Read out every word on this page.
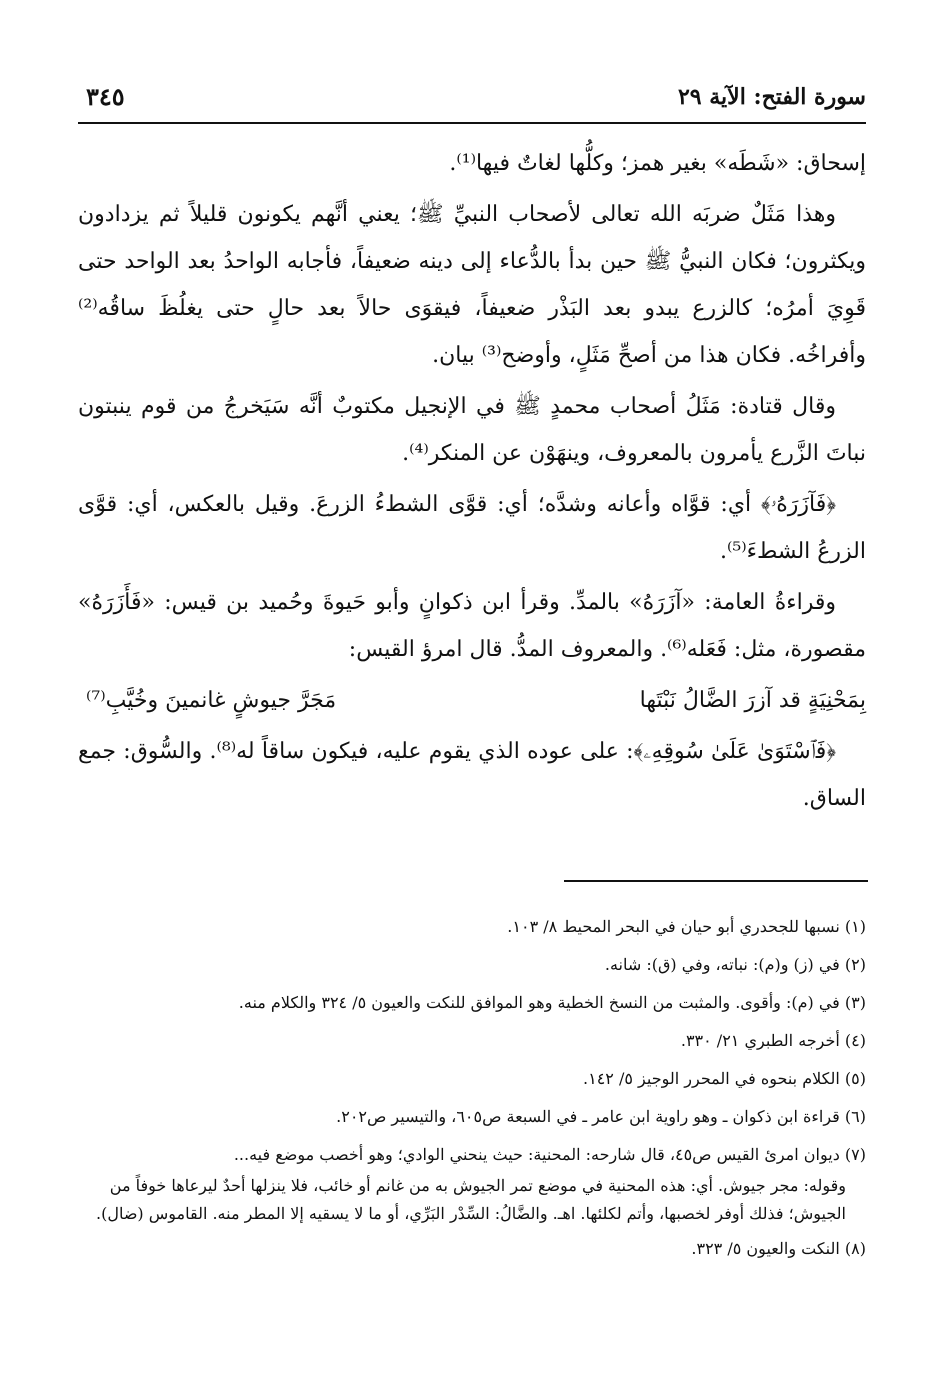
سورة الفتح: الآية ٢٩
٣٤٥

إسحاق: «شَطَه» بغير همز؛ وكلُّها لغاتٌ فيها⁽¹⁾.

وهذا مَثَلٌ ضربَه الله تعالى لأصحاب النبيِّ ﷺ؛ يعني أنَّهم يكونون قليلاً ثم يزدادون ويكثرون؛ فكان النبيُّ ﷺ حين بدأ بالدُّعاء إلى دينه ضعيفاً، فأجابه الواحدُ بعد الواحد حتى قَوِيَ أمرُه؛ كالزرع يبدو بعد البَذْر ضعيفاً، فيقوَى حالاً بعد حالٍ حتى يغلُظَ ساقُه⁽²⁾ وأفراخُه. فكان هذا من أصحِّ مَثَلٍ، وأوضح⁽³⁾ بيان.

وقال قتادة: مَثَلُ أصحاب محمدٍ ﷺ في الإنجيل مكتوبٌ أنَّه سَيَخرجُ من قوم ينبتون نباتَ الزَّرع يأمرون بالمعروف، وينهَوْن عن المنكر⁽⁴⁾.

﴿فَآزَرَهُۥ﴾ أي: قوَّاه وأعانه وشدَّه؛ أي: قوَّى الشطءُ الزرعَ. وقيل بالعكس، أي: قوَّى الزرعُ الشطءَ⁽⁵⁾.

وقراءةُ العامة: «آزَرَهُ» بالمدِّ. وقرأ ابن ذكوانٍ وأبو حَيوةَ وحُميد بن قيس: «فَأَزَرَهُ» مقصورة، مثل: فَعَله⁽⁶⁾. والمعروف المدُّ. قال امرؤ القيس:

بِمَحْنِيَةٍ قد آزرَ الضَّالُ نَبْتَها
مَجَرَّ جيوشٍ غانمينَ وخُيَّبِ⁽⁷⁾

﴿فَٱسْتَوَىٰ عَلَىٰ سُوقِهِۦ﴾: على عوده الذي يقوم عليه، فيكون ساقاً له⁽⁸⁾. والسُّوق: جمع الساق.

(١) نسبها للجحدري أبو حيان في البحر المحيط ٨/ ١٠٣.
(٢) في (ز) و(م): نباته، وفي (ق): شانه.
(٣) في (م): وأقوى. والمثبت من النسخ الخطية وهو الموافق للنكت والعيون ٥/ ٣٢٤ والكلام منه.
(٤) أخرجه الطبري ٢١/ ٣٣٠.
(٥) الكلام بنحوه في المحرر الوجيز ٥/ ١٤٢.
(٦) قراءة ابن ذكوان ـ وهو راوية ابن عامر ـ في السبعة ص٦٠٥، والتيسير ص٢٠٢.
(٧) ديوان امرئ القيس ص٤٥، قال شارحه: المحنية: حيث ينحني الوادي؛ وهو أخصب موضع فيه...
وقوله: مجر جيوش. أي: هذه المحنية في موضع تمر الجيوش به من غانم أو خائب، فلا ينزلها أحدٌ ليرعاها خوفاً من الجيوش؛ فذلك أوفر لخصبها، وأتم لكلئها. اهـ. والضَّالُ: السِّدْر البَرِّي، أو ما لا يسقيه إلا المطر منه. القاموس (ضال).
(٨) النكت والعيون ٥/ ٣٢٣.
